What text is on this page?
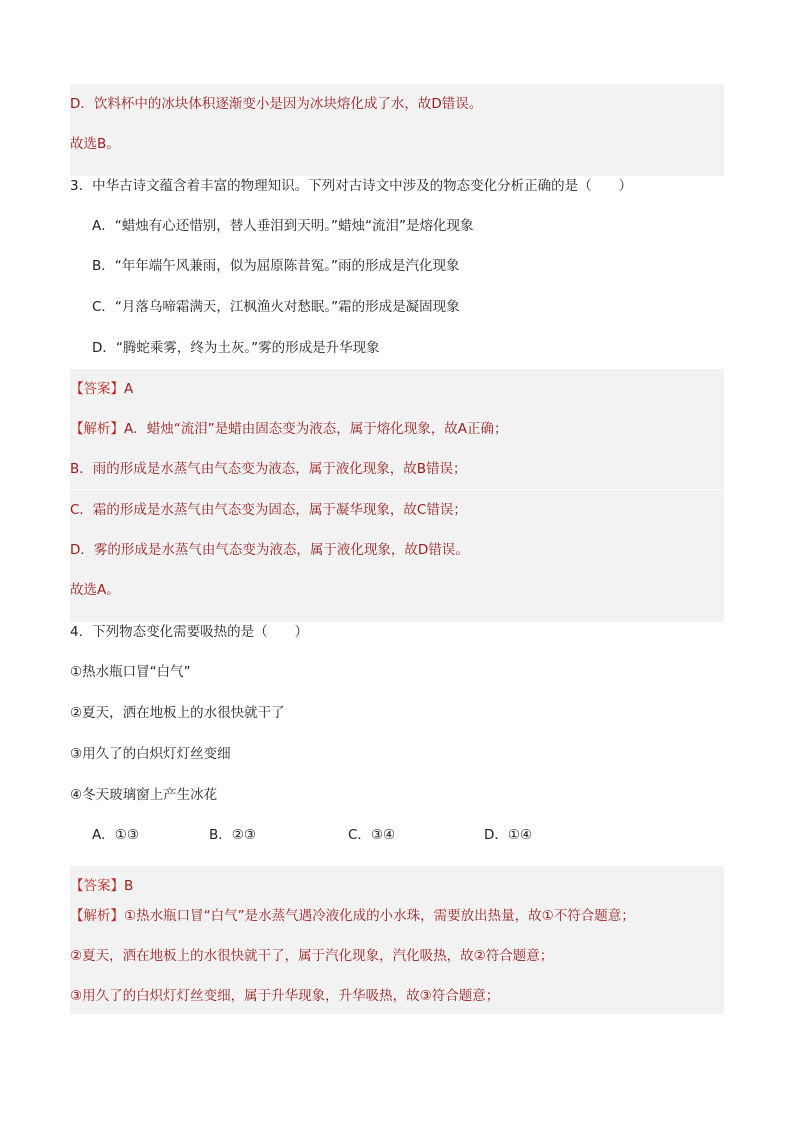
D．饮料杯中的冰块体积逐渐变小是因为冰块熔化成了水，故D错误。
故选B。
3．中华古诗文蕴含着丰富的物理知识。下列对古诗文中涉及的物态变化分析正确的是（　　）
A．“蜡烛有心还惜别，替人垂泪到天明。”蜡烛“流泪”是熔化现象
B．“年年端午风兼雨，似为屈原陈昔冤。”雨的形成是汽化现象
C．“月落乌啼霜满天，江枫渔火对愁眠。”霜的形成是凝固现象
D．“腾蛇乘雾，终为土灰。”雾的形成是升华现象
【答案】A
【解析】A．蜡烛“流泪”是蜡由固态变为液态，属于熔化现象，故A正确；
B．雨的形成是水蒸气由气态变为液态，属于液化现象，故B错误；
C．霜的形成是水蒸气由气态变为固态，属于凝华现象，故C错误；
D．雾的形成是水蒸气由气态变为液态，属于液化现象，故D错误。
故选A。
4．下列物态变化需要吸热的是（　　）
①热水瓶口冒“白气”
②夏天，洒在地板上的水很快就干了
③用久了的白炽灯灯丝变细
④冬天玻璃窗上产生冰花
A．①③	B．②③	C．③④	D．①④
【答案】B
【解析】①热水瓶口冒“白气”是水蒸气遇冷液化成的小水珠，需要放出热量，故①不符合题意；
②夏天，洒在地板上的水很快就干了，属于汽化现象，汽化吸热，故②符合题意；
③用久了的白炽灯灯丝变细，属于升华现象，升华吸热，故③符合题意；
